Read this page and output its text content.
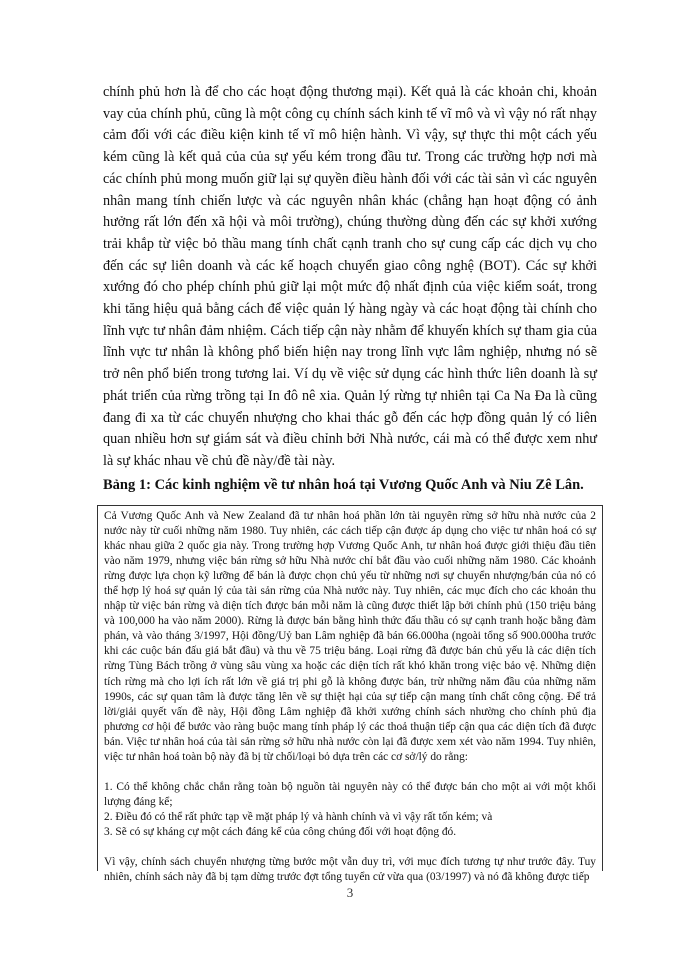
chính phủ hơn là để cho các hoạt động thương mại). Kết quả là các khoản chi, khoản vay của chính phủ, cũng là một công cụ chính sách kinh tế vĩ mô và vì vậy nó rất nhạy cảm đối với các điều kiện kinh tế vĩ mô hiện hành. Vì vậy, sự thực thi một cách yếu kém cũng là kết quả của của sự yếu kém trong đầu tư. Trong các trường hợp nơi mà các chính phủ mong muốn giữ lại sự quyền điều hành đối với các tài sản vì các nguyên nhân mang tính chiến lược và các nguyên nhân khác (chẳng hạn hoạt động có ảnh hưởng rất lớn đến xã hội và môi trường), chúng thường dùng đến các sự khởi xướng trải khắp từ việc bỏ thầu mang tính chất cạnh tranh cho sự cung cấp các dịch vụ cho đến các sự liên doanh và các kế hoạch chuyển giao công nghệ (BOT). Các sự khởi xướng đó cho phép chính phủ giữ lại một mức độ nhất định của việc kiểm soát, trong khi tăng hiệu quả bằng cách để việc quản lý hàng ngày và các hoạt động tài chính cho lĩnh vực tư nhân đảm nhiệm. Cách tiếp cận này nhằm để khuyến khích sự tham gia của lĩnh vực tư nhân là không phổ biến hiện nay trong lĩnh vực lâm nghiệp, nhưng nó sẽ trở nên phổ biến trong tương lai. Ví dụ về việc sử dụng các hình thức liên doanh là sự phát triển của rừng trồng tại In đô nê xia. Quản lý rừng tự nhiên tại Ca Na Đa là cũng đang đi xa từ các chuyển nhượng cho khai thác gỗ đến các hợp đồng quản lý có liên quan nhiều hơn sự giám sát và điều chỉnh bởi Nhà nước, cái mà có thể được xem như là sự khác nhau về chủ đề này/đề tài này.

Bảng 1: Các kinh nghiệm về tư nhân hoá tại Vương Quốc Anh và Niu Zê Lân.

Cả Vương Quốc Anh và New Zealand đã tư nhân hoá phần lớn tài nguyên rừng sở hữu nhà nước của 2 nước này từ cuối những năm 1980. Tuy nhiên, các cách tiếp cận được áp dụng cho việc tư nhân hoá có sự khác nhau giữa 2 quốc gia này. Trong trường hợp Vương Quốc Anh, tư nhân hoá được giới thiệu đầu tiên vào năm 1979, nhưng việc bán rừng sở hữu Nhà nước chỉ bắt đầu vào cuối những năm 1980. Các khoảnh rừng được lựa chọn kỹ lưỡng để bán là được chọn chủ yếu từ những nơi sự chuyển nhượng/bán của nó có thể hợp lý hoá sự quản lý của tài sản rừng của Nhà nước này. Tuy nhiên, các mục đích cho các khoản thu nhập từ việc bán rừng và diện tích được bán mỗi năm là cũng được thiết lập bởi chính phủ (150 triệu bảng và 100,000 ha vào năm 2000). Rừng là được bán bằng hình thức đấu thầu có sự cạnh tranh hoặc bằng đàm phán, và vào tháng 3/1997, Hội đồng/Uỷ ban Lâm nghiệp đã bán 66.000ha (ngoài tổng số 900.000ha trước khi các cuộc bán đấu giá bắt đầu) và thu về 75 triệu bảng. Loại rừng đã được bán chủ yếu là các diện tích rừng Tùng Bách trồng ở vùng sâu vùng xa hoặc các diện tích rất khó khăn trong việc bảo vệ. Những diện tích rừng mà cho lợi ích rất lớn về giá trị phi gỗ là không được bán, trừ những năm đầu của những năm 1990s, các sự quan tâm là được tăng lên về sự thiệt hại của sự tiếp cận mang tính chất công cộng. Để trả lời/giải quyết vấn đề này, Hội đồng Lâm nghiệp đã khởi xướng chính sách nhường cho chính phủ địa phương cơ hội để bước vào ràng buộc mang tính pháp lý các thoả thuận tiếp cận qua các diện tích đã được bán. Việc tư nhân hoá của tài sản rừng sở hữu nhà nước còn lại đã được xem xét vào năm 1994. Tuy nhiên, việc tư nhân hoá toàn bộ này đã bị từ chối/loại bỏ dựa trên các cơ sở/lý do rằng:

1. Có thể không chắc chắn rằng toàn bộ nguồn tài nguyên này có thể được bán cho một ai với một khối lượng đáng kể;

2. Điều đó có thể rất phức tạp về mặt pháp lý và hành chính và vì vậy rất tốn kém; và

3. Sẽ có sự kháng cự một cách đáng kể của công chúng đối với hoạt động đó.

Vì vậy, chính sách chuyển nhượng từng bước một vẫn duy trì, với mục đích tương tự như trước đây. Tuy nhiên, chính sách này đã bị tạm dừng trước đợt tổng tuyển cử vừa qua (03/1997) và nó đã không được tiếp

3
